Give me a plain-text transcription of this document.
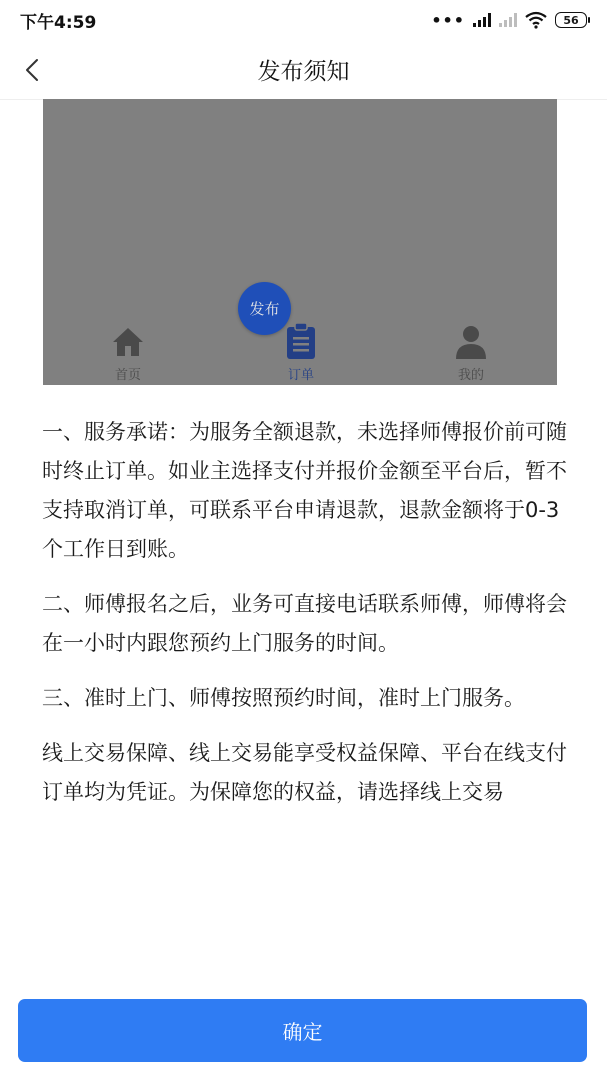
下午4:59	•••	56
发布须知
发布
首页	订单	我的

一、服务承诺：为服务全额退款，未选择师傅报价前可随时终止订单。如业主选择支付并报价金额至平台后，暂不支持取消订单，可联系平台申请退款，退款金额将于0-3个工作日到账。

二、师傅报名之后，业务可直接电话联系师傅，师傅将会在一小时内跟您预约上门服务的时间。

三、准时上门、师傅按照预约时间，准时上门服务。

线上交易保障、线上交易能享受权益保障、平台在线支付订单均为凭证。为保障您的权益，请选择线上交易

确定
